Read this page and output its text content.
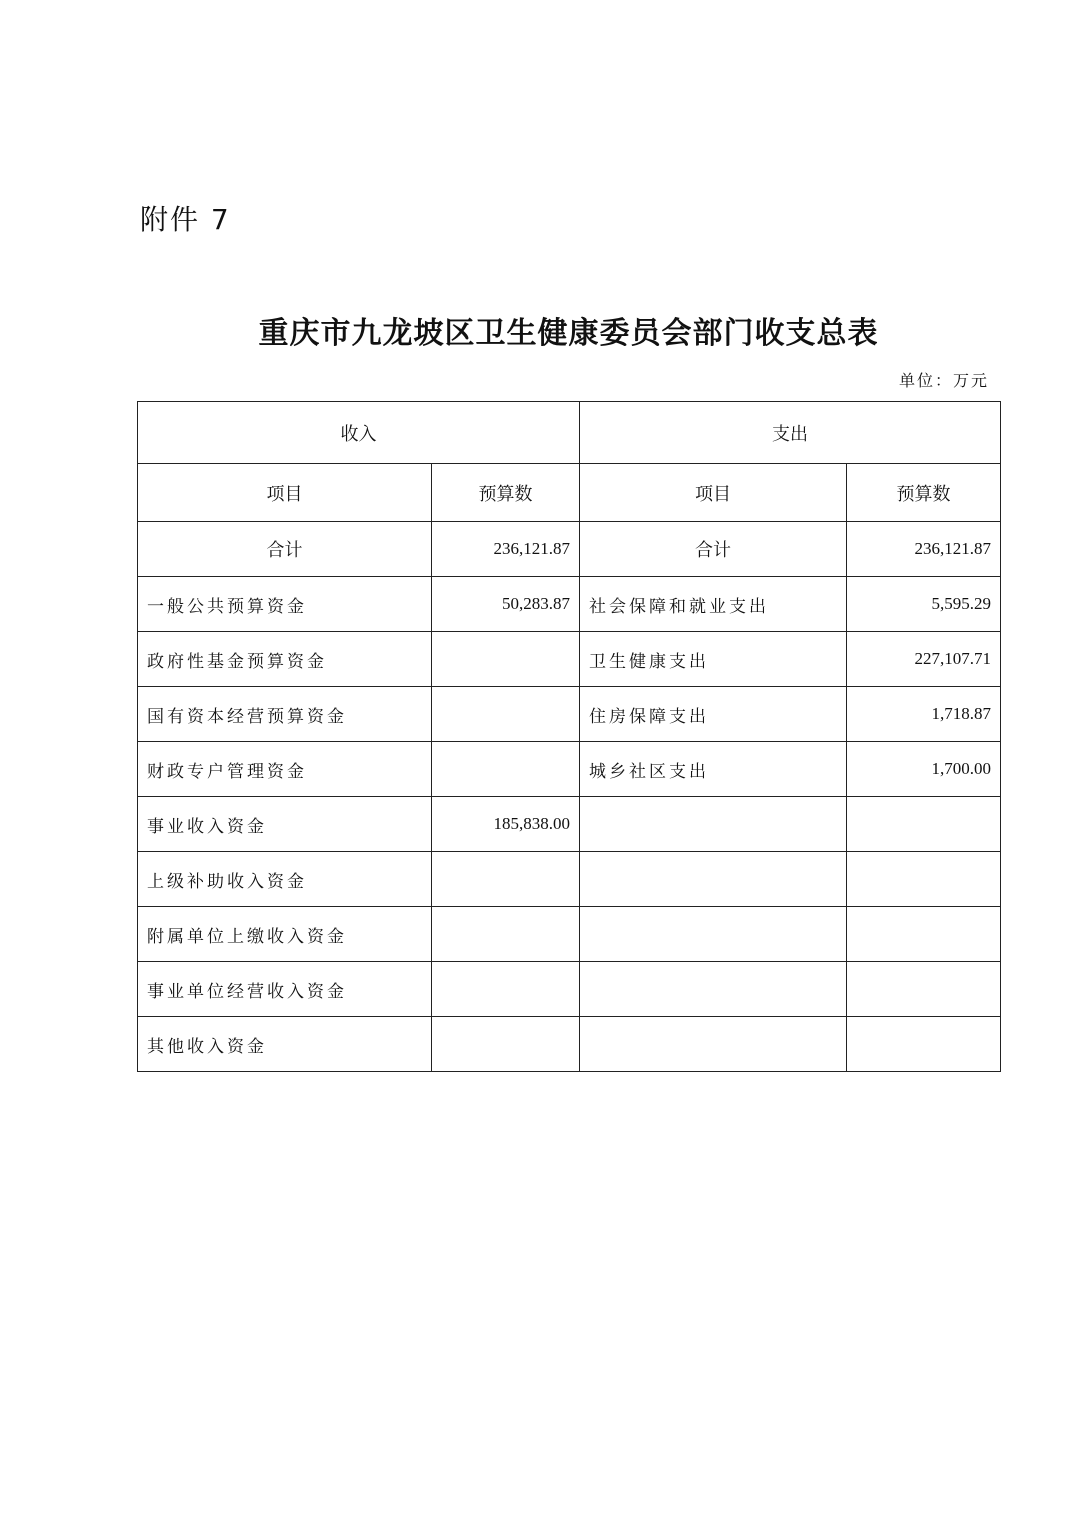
附件 7
重庆市九龙坡区卫生健康委员会部门收支总表
单位：万元
收入		支出	
项目	预算数	项目	预算数
合计	236,121.87	合计	236,121.87
一般公共预算资金	50,283.87	社会保障和就业支出	5,595.29
政府性基金预算资金		卫生健康支出	227,107.71
国有资本经营预算资金		住房保障支出	1,718.87
财政专户管理资金		城乡社区支出	1,700.00
事业收入资金	185,838.00		
上级补助收入资金			
附属单位上缴收入资金			
事业单位经营收入资金			
其他收入资金			
